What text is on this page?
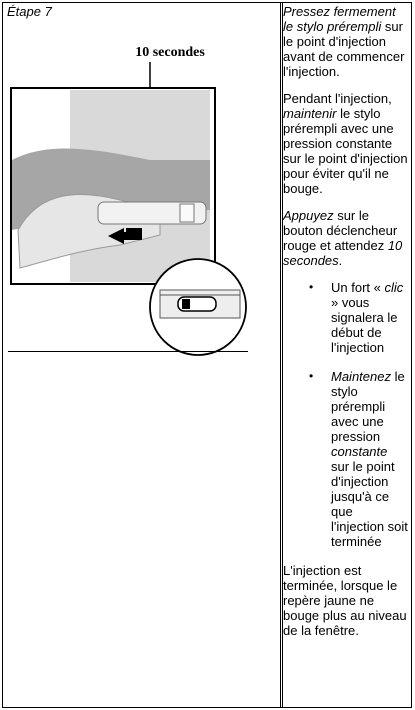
Étape 7
10 secondes

Pressez fermement le stylo prérempli sur le point d'injection avant de commencer l'injection.

Pendant l'injection, maintenir le stylo prérempli avec une pression constante sur le point d'injection pour éviter qu'il ne bouge.

Appuyez sur le bouton déclencheur rouge et attendez 10 secondes.

• Un fort « clic » vous signalera le début de l'injection
• Maintenez le stylo prérempli avec une pression constante sur le point d'injection jusqu'à ce que l'injection soit terminée

L'injection est terminée, lorsque le repère jaune ne bouge plus au niveau de la fenêtre.
